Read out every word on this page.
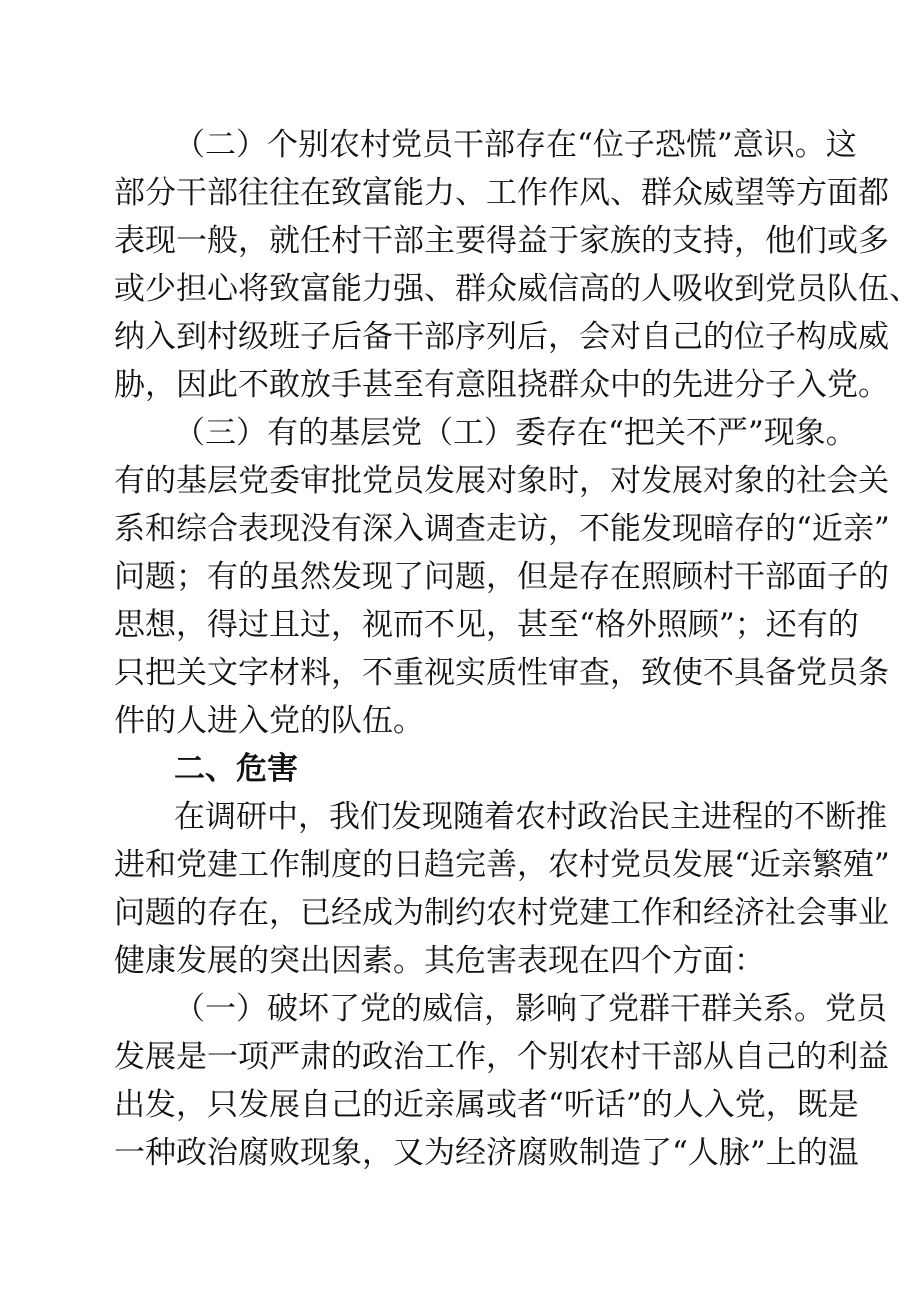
（二）个别农村党员干部存在“位子恐慌”意识。这
部分干部往往在致富能力、工作作风、群众威望等方面都
表现一般，就任村干部主要得益于家族的支持，他们或多
或少担心将致富能力强、群众威信高的人吸收到党员队伍、
纳入到村级班子后备干部序列后，会对自己的位子构成威
胁，因此不敢放手甚至有意阻挠群众中的先进分子入党。
（三）有的基层党（工）委存在“把关不严”现象。
有的基层党委审批党员发展对象时，对发展对象的社会关
系和综合表现没有深入调查走访，不能发现暗存的“近亲”
问题；有的虽然发现了问题，但是存在照顾村干部面子的
思想，得过且过，视而不见，甚至“格外照顾”；还有的
只把关文字材料，不重视实质性审查，致使不具备党员条
件的人进入党的队伍。
二、危害
在调研中，我们发现随着农村政治民主进程的不断推
进和党建工作制度的日趋完善，农村党员发展“近亲繁殖”
问题的存在，已经成为制约农村党建工作和经济社会事业
健康发展的突出因素。其危害表现在四个方面：
（一）破坏了党的威信，影响了党群干群关系。党员
发展是一项严肃的政治工作，个别农村干部从自己的利益
出发，只发展自己的近亲属或者“听话”的人入党，既是
一种政治腐败现象，又为经济腐败制造了“人脉”上的温
